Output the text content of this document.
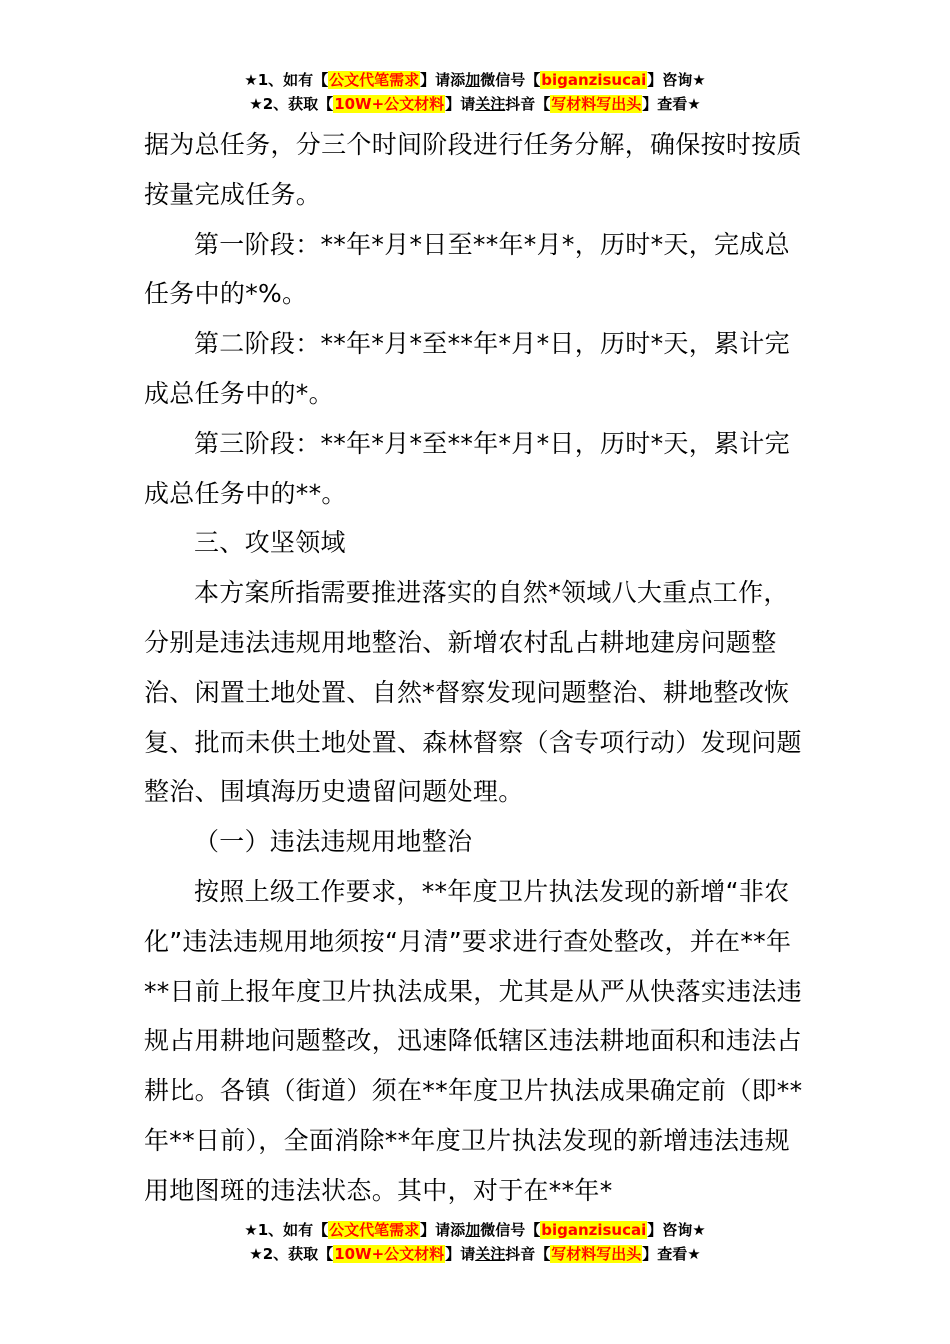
★1、如有【公文代笔需求】请添加微信号【biganzisucai】咨询★
★2、获取【10W+公文材料】请关注抖音【写材料写出头】查看★

据为总任务，分三个时间阶段进行任务分解，确保按时按质按量完成任务。

第一阶段：**年*月*日至**年*月*，历时*天，完成总任务中的*%。

第二阶段：**年*月*至**年*月*日，历时*天，累计完成总任务中的*。

第三阶段：**年*月*至**年*月*日，历时*天，累计完成总任务中的**。

三、攻坚领域

本方案所指需要推进落实的自然*领域八大重点工作，分别是违法违规用地整治、新增农村乱占耕地建房问题整治、闲置土地处置、自然*督察发现问题整治、耕地整改恢复、批而未供土地处置、森林督察（含专项行动）发现问题整治、围填海历史遗留问题处理。

（一）违法违规用地整治

按照上级工作要求，**年度卫片执法发现的新增“非农化”违法违规用地须按“月清”要求进行查处整改，并在**年**日前上报年度卫片执法成果，尤其是从严从快落实违法违规占用耕地问题整改，迅速降低辖区违法耕地面积和违法占耕比。各镇（街道）须在**年度卫片执法成果确定前（即**年**日前），全面消除**年度卫片执法发现的新增违法违规用地图斑的违法状态。其中，对于在**年*

★1、如有【公文代笔需求】请添加微信号【biganzisucai】咨询★
★2、获取【10W+公文材料】请关注抖音【写材料写出头】查看★
